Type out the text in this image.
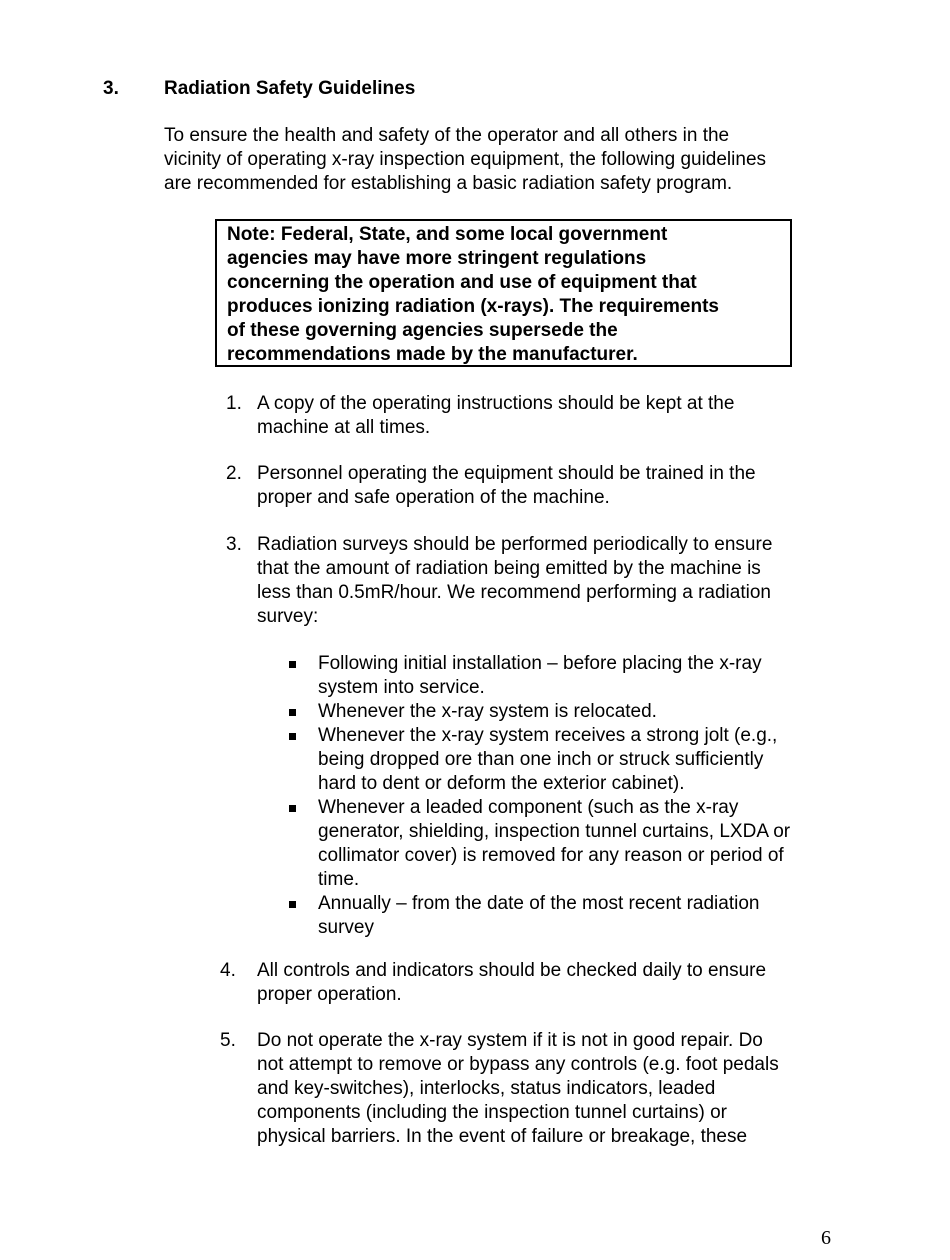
3. Radiation Safety Guidelines

To ensure the health and safety of the operator and all others in the
vicinity of operating x-ray inspection equipment, the following guidelines
are recommended for establishing a basic radiation safety program.

Note: Federal, State, and some local government
agencies may have more stringent regulations
concerning the operation and use of equipment that
produces ionizing radiation (x-rays). The requirements
of these governing agencies supersede the
recommendations made by the manufacturer.

1. A copy of the operating instructions should be kept at the
machine at all times.
2. Personnel operating the equipment should be trained in the
proper and safe operation of the machine.
3. Radiation surveys should be performed periodically to ensure
that the amount of radiation being emitted by the machine is
less than 0.5mR/hour. We recommend performing a radiation
survey:
Following initial installation – before placing the x-ray
system into service.
Whenever the x-ray system is relocated.
Whenever the x-ray system receives a strong jolt (e.g.,
being dropped ore than one inch or struck sufficiently
hard to dent or deform the exterior cabinet).
Whenever a leaded component (such as the x-ray
generator, shielding, inspection tunnel curtains, LXDA or
collimator cover) is removed for any reason or period of
time.
Annually – from the date of the most recent radiation
survey
4. All controls and indicators should be checked daily to ensure
proper operation.
5. Do not operate the x-ray system if it is not in good repair. Do
not attempt to remove or bypass any controls (e.g. foot pedals
and key-switches), interlocks, status indicators, leaded
components (including the inspection tunnel curtains) or
physical barriers. In the event of failure or breakage, these
6
